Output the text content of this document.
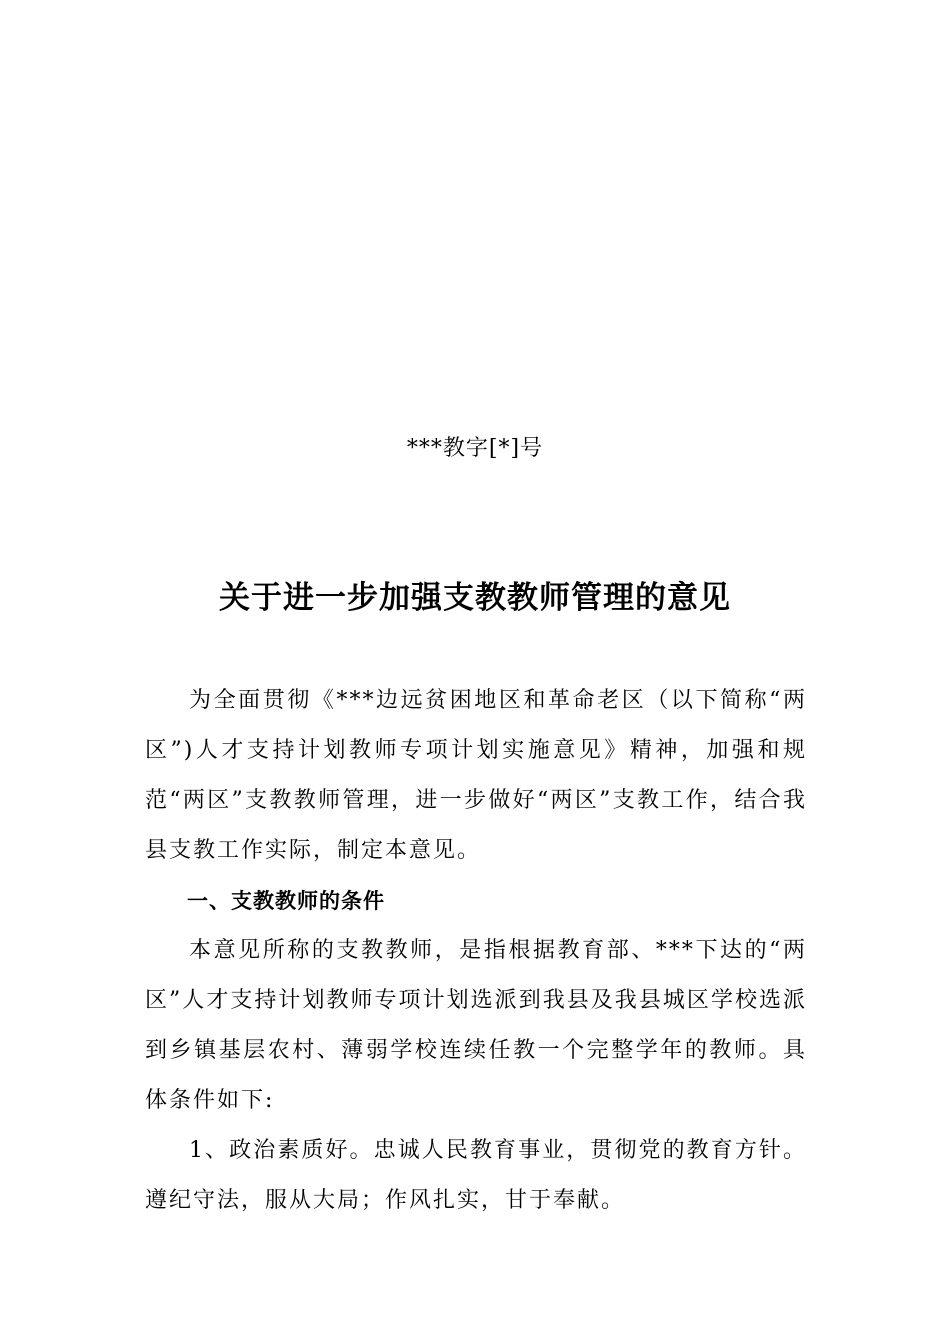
***教字[*]号
关于进一步加强支教教师管理的意见

为全面贯彻《***边远贫困地区和革命老区（以下简称“两区”)人才支持计划教师专项计划实施意见》精神，加强和规范“两区”支教教师管理，进一步做好“两区”支教工作，结合我县支教工作实际，制定本意见。

一、支教教师的条件

本意见所称的支教教师，是指根据教育部、***下达的“两区”人才支持计划教师专项计划选派到我县及我县城区学校选派到乡镇基层农村、薄弱学校连续任教一个完整学年的教师。具体条件如下:

1、政治素质好。忠诚人民教育事业，贯彻党的教育方针。遵纪守法，服从大局；作风扎实，甘于奉献。
